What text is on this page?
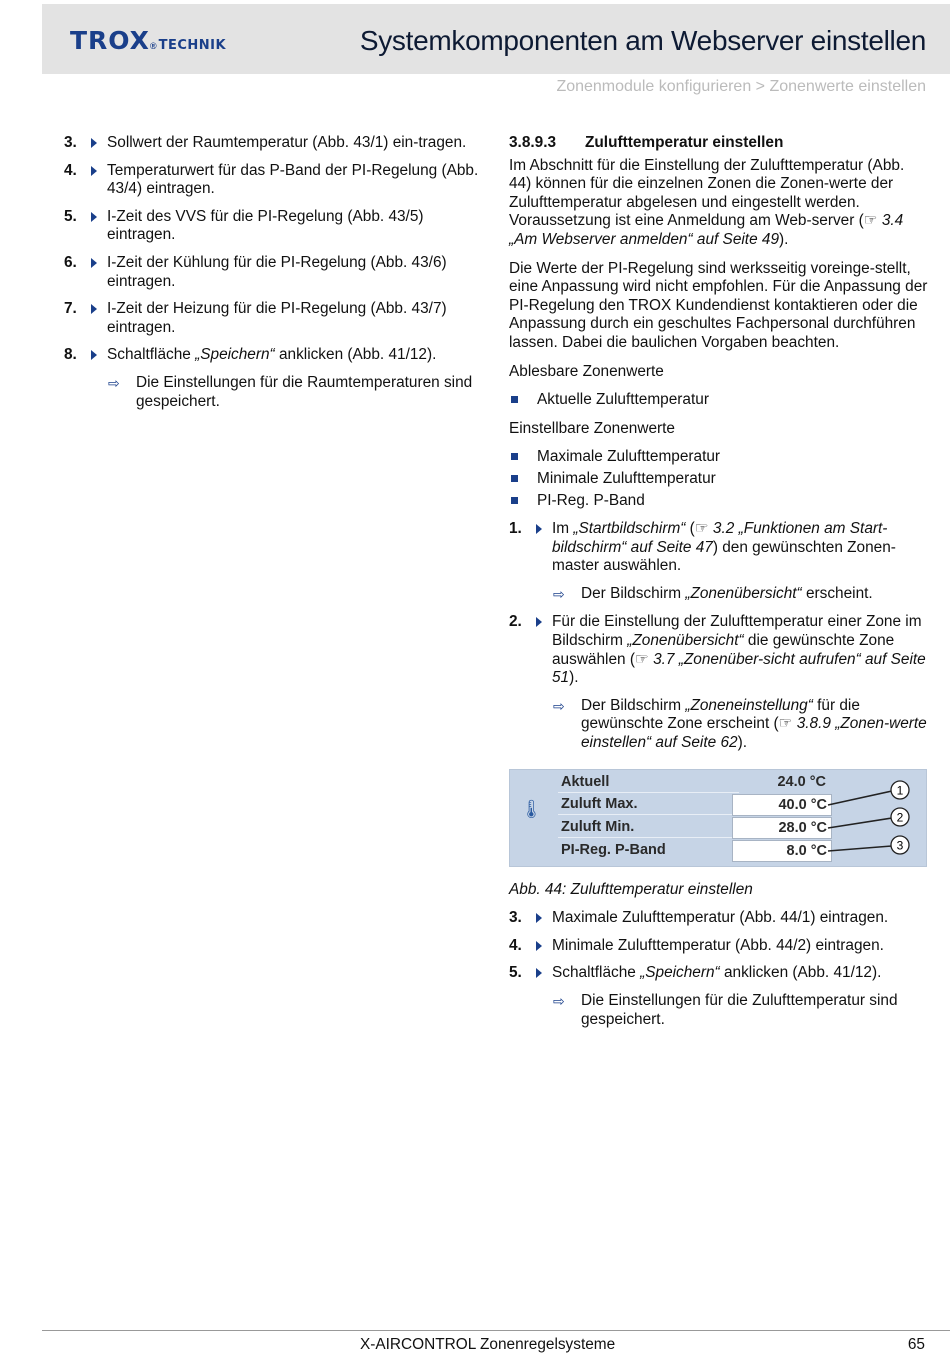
TROX ® TECHNIK	Systemkomponenten am Webserver einstellen
Zonenmodule konfigurieren > Zonenwerte einstellen
3. Sollwert der Raumtemperatur (Abb. 43/1) ein-tragen.
4. Temperaturwert für das P-Band der PI-Regelung (Abb. 43/4) eintragen.
5. I-Zeit des VVS für die PI-Regelung (Abb. 43/5) eintragen.
6. I-Zeit der Kühlung für die PI-Regelung (Abb. 43/6) eintragen.
7. I-Zeit der Heizung für die PI-Regelung (Abb. 43/7) eintragen.
8. Schaltfläche „Speichern“ anklicken (Abb. 41/12).
⇨ Die Einstellungen für die Raumtemperaturen sind gespeichert.
3.8.9.3 Zulufttemperatur einstellen

Im Abschnitt für die Einstellung der Zulufttemperatur (Abb. 44) können für die einzelnen Zonen die Zonen-werte der Zulufttemperatur abgelesen und eingestellt werden. Voraussetzung ist eine Anmeldung am Web-server (☞ 3.4 „Am Webserver anmelden“ auf Seite 49).

Die Werte der PI-Regelung sind werksseitig voreinge-stellt, eine Anpassung wird nicht empfohlen. Für die Anpassung der PI-Regelung den TROX Kundendienst kontaktieren oder die Anpassung durch ein geschultes Fachpersonal durchführen lassen. Dabei die baulichen Vorgaben beachten.

Ablesbare Zonenwerte

Aktuelle Zulufttemperatur

Einstellbare Zonenwerte

Maximale Zulufttemperatur
Minimale Zulufttemperatur
PI-Reg. P-Band
1. Im „Startbildschirm“ (☞ 3.2 „Funktionen am Start-bildschirm“ auf Seite 47) den gewünschten Zonen-master auswählen.
⇨ Der Bildschirm „Zonenübersicht“ erscheint.
2. Für die Einstellung der Zulufttemperatur einer Zone im Bildschirm „Zonenübersicht“ die gewünschte Zone auswählen (☞ 3.7 „Zonenüber-sicht aufrufen“ auf Seite 51).
⇨ Der Bildschirm „Zoneneinstellung“ für die gewünschte Zone erscheint (☞ 3.8.9 „Zonen-werte einstellen“ auf Seite 62).
🌡
Aktuell	24.0 °C
Zuluft Max.	40.0 °C
Zuluft Min.	28.0 °C
PI-Reg. P-Band	8.0 °C
1
2
3
Abb. 44: Zulufttemperatur einstellen
3. Maximale Zulufttemperatur (Abb. 44/1) eintragen.
4. Minimale Zulufttemperatur (Abb. 44/2) eintragen.
5. Schaltfläche „Speichern“ anklicken (Abb. 41/12).
⇨ Die Einstellungen für die Zulufttemperatur sind gespeichert.
X-AIRCONTROL Zonenregelsysteme	65
